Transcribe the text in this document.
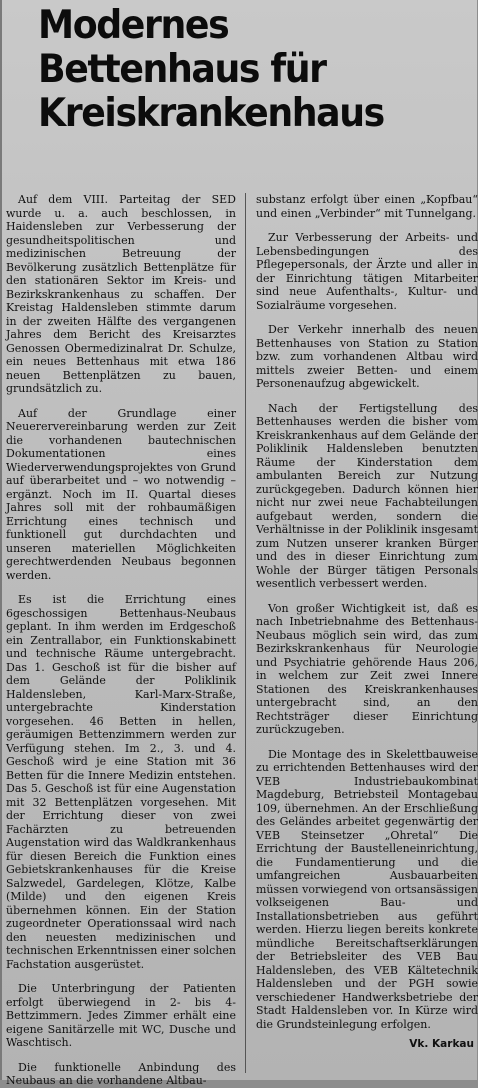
Modernes
Bettenhaus für
Kreiskrankenhaus

Auf dem VIII. Parteitag der SED wurde u. a. auch beschlossen, in Haidensleben zur Verbesserung der gesundheitspolitischen und medizinischen Betreuung der Bevölkerung zusätzlich Bettenplätze für den stationären Sektor im Kreis- und Bezirkskrankenhaus zu schaffen. Der Kreistag Haldensleben stimmte darum in der zweiten Hälfte des vergangenen Jahres dem Bericht des Kreisarztes Genossen Obermedizinalrat Dr. Schulze, ein neues Bettenhaus mit etwa 186 neuen Bettenplätzen zu bauen, grundsätzlich zu.

Auf der Grundlage einer Neuerervereinbarung werden zur Zeit die vorhandenen bautechnischen Dokumentationen eines Wiederverwendungsprojektes von Grund auf überarbeitet und – wo notwendig – ergänzt. Noch im II. Quartal dieses Jahres soll mit der rohbaumäßigen Errichtung eines technisch und funktionell gut durchdachten und unseren materiellen Möglichkeiten gerechtwerdenden Neubaus begonnen werden.

Es ist die Errichtung eines 6geschossigen Bettenhaus-Neubaus geplant. In ihm werden im Erdgeschoß ein Zentrallabor, ein Funktionskabinett und technische Räume untergebracht. Das 1. Geschoß ist für die bisher auf dem Gelände der Poliklinik Haldensleben, Karl-Marx-Straße, untergebrachte Kinderstation vorgesehen. 46 Betten in hellen, geräumigen Bettenzimmern werden zur Verfügung stehen. Im 2., 3. und 4. Geschoß wird je eine Station mit 36 Betten für die Innere Medizin entstehen. Das 5. Geschoß ist für eine Augenstation mit 32 Bettenplätzen vorgesehen. Mit der Errichtung dieser von zwei Fachärzten zu betreuenden Augenstation wird das Waldkrankenhaus für diesen Bereich die Funktion eines Gebietskrankenhauses für die Kreise Salzwedel, Gardelegen, Klötze, Kalbe (Milde) und den eigenen Kreis übernehmen können. Ein der Station zugeordneter Operationssaal wird nach den neuesten medizinischen und technischen Erkenntnissen einer solchen Fachstation ausgerüstet.

Die Unterbringung der Patienten erfolgt überwiegend in 2- bis 4-Bettzimmern. Jedes Zimmer erhält eine eigene Sanitärzelle mit WC, Dusche und Waschtisch.

Die funktionelle Anbindung des Neubaus an die vorhandene Altbau-

substanz erfolgt über einen „Kopfbau“ und einen „Verbinder“ mit Tunnelgang.

Zur Verbesserung der Arbeits- und Lebensbedingungen des Pflegepersonals, der Ärzte und aller in der Einrichtung tätigen Mitarbeiter sind neue Aufenthalts-, Kultur- und Sozialräume vorgesehen.

Der Verkehr innerhalb des neuen Bettenhauses von Station zu Station bzw. zum vorhandenen Altbau wird mittels zweier Betten- und einem Personenaufzug abgewickelt.

Nach der Fertigstellung des Bettenhauses werden die bisher vom Kreiskrankenhaus auf dem Gelände der Poliklinik Haldensleben benutzten Räume der Kinderstation dem ambulanten Bereich zur Nutzung zurückgegeben. Dadurch können hier nicht nur zwei neue Fachabteilungen aufgebaut werden, sondern die Verhältnisse in der Poliklinik insgesamt zum Nutzen unserer kranken Bürger und des in dieser Einrichtung zum Wohle der Bürger tätigen Personals wesentlich verbessert werden.

Von großer Wichtigkeit ist, daß es nach Inbetriebnahme des Bettenhaus-Neubaus möglich sein wird, das zum Bezirkskrankenhaus für Neurologie und Psychiatrie gehörende Haus 206, in welchem zur Zeit zwei Innere Stationen des Kreiskrankenhauses untergebracht sind, an den Rechtsträger dieser Einrichtung zurückzugeben.

Die Montage des in Skelettbauweise zu errichtenden Bettenhauses wird der VEB Industriebaukombinat Magdeburg, Betriebsteil Montagebau 109, übernehmen. An der Erschließung des Geländes arbeitet gegenwärtig der VEB Steinsetzer „Ohretal“ Die Errichtung der Baustelleneinrichtung, die Fundamentierung und die umfangreichen Ausbauarbeiten müssen vorwiegend von ortsansässigen volkseigenen Bau- und Installationsbetrieben aus geführt werden. Hierzu liegen bereits konkrete mündliche Bereitschaftserklärungen der Betriebsleiter des VEB Bau Haldensleben, des VEB Kältetechnik Haldensleben und der PGH sowie verschiedener Handwerksbetriebe der Stadt Haldensleben vor. In Kürze wird die Grundsteinlegung erfolgen.

Vk. Karkau
